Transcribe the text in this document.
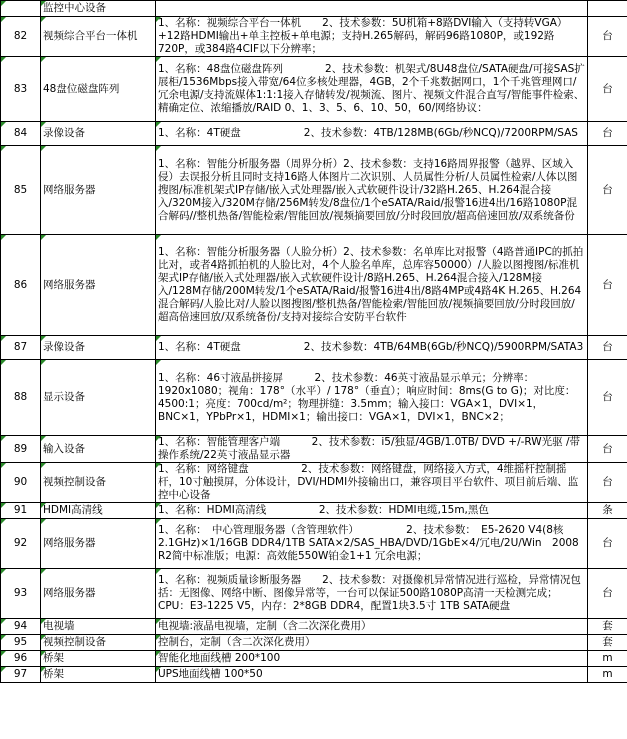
	监控中心设备		
82	视频综合平台一体机	1、名称：视频综合平台一体机　　2、技术参数：5U机箱+8路DVI输入（支持转VGA）+12路HDMI输出+单主控板+单电源；支持H.265解码，解码96路1080P，或192路720P，或384路4CIF以下分辨率；	台
83	48盘位磁盘阵列	1、名称：48盘位磁盘阵列　　　　2、技术参数：机架式/8U48盘位/SATA硬盘/可接SAS扩展柜/1536Mbps接入带宽/64位多核处理器，4GB，2个千兆数据网口，1个千兆管理网口/冗余电源/支持流媒体1:1:1接入存储转发/视频流、图片、视频文件混合直写/智能事件检索、精确定位、浓缩播放/RAID 0、1、3、5、6、10、50，60/网络协议：	台
84	录像设备	1、名称：4T硬盘　　　　　　2、技术参数：4TB/128MB(6Gb/秒NCQ)/7200RPM/SAS	台
85	网络服务器	1、名称：智能分析服务器（周界分析）2、技术参数：支持16路周界报警（越界、区域入侵）去误报分析且同时支持16路人体图片二次识别、人员属性分析/人员属性检索/人体以图搜图/标准机架式IP存储/嵌入式处理器/嵌入式软硬件设计/32路H.265、H.264混合接入/320M接入/320M存储/256M转发/8盘位/1个eSATA/Raid/报警16进4出/16路1080P混合解码//整机热备/智能检索/智能回放/视频摘要回放/分时段回放/超高倍速回放/双系统备份	台
86	网络服务器	1、名称：智能分析服务器（人脸分析）2、技术参数：名单库比对报警（4路普通IPC的抓拍比对，或者4路抓拍机的人脸比对，4个人脸名单库，总库容50000）/人脸以图搜图/标准机架式IP存储/嵌入式处理器/嵌入式软硬件设计/8路H.265、H.264混合接入/128M接入/128M存储/200M转发/1个eSATA/Raid/报警16进4出/8路4MP或4路4K H.265、H.264混合解码/人脸比对/人脸以图搜图/整机热备/智能检索/智能回放/视频摘要回放/分时段回放/超高倍速回放/双系统备份/支持对接综合安防平台软件	台
87	录像设备	1、名称：4T硬盘　　　　　　2、技术参数：4TB/64MB(6Gb/秒NCQ)/5900RPM/SATA3	台
88	显示设备	1、名称：46寸液晶拼接屏　　　2、技术参数：46英寸液晶显示单元；分辨率：1920x1080；视角：178°（水平）/ 178°（垂直）；响应时间：8ms(G to G)；对比度：4500:1；亮度：700cd/m²；物理拼缝：3.5mm；输入接口：VGA×1，DVI×1，BNC×1，YPbPr×1，HDMI×1；输出接口：VGA×1，DVI×1，BNC×2；	台
89	输入设备	1、名称：智能管理客户端　　　2、技术参数：i5/独显/4GB/1.0TB/ DVD +/-RW光驱 /带操作系统/22英寸液晶显示器	台
90	视频控制设备	1、名称：网络键盘　　　　　2、技术参数：网络键盘，网络接入方式，4维摇杆控制摇杆，10寸触摸屏，分体设计，DVI/HDMI外接输出口，兼容项目平台软件、项目前后端、监控中心设备	台
91	HDMI高清线	1、名称：HDMI高清线　　　　　2、技术参数：HDMI电缆,15m,黑色	条
92	网络服务器	1、名称：　中心管理服务器（含管理软件）　　　　　2、技术参数：　E5-2620 V4(8核2.1GHz)×1/16GB DDR4/1TB SATA×2/SAS_HBA/DVD/1GbE×4/冗电/2U/Win　2008 R2简中标准版；电源：高效能550W铂金1+1 冗余电源；	台
93	网络服务器	1、名称：视频质量诊断服务器　　2、技术参数：对摄像机异常情况进行巡检，异常情况包括：无图像、网络中断、图像异常等，一台可以保证500路1080P高清一天检测完成；CPU：E3-1225 V5，内存：2*8GB DDR4，配置1块3.5寸 1TB SATA硬盘	台
94	电视墙	电视墙:液晶电视墙，定制（含二次深化费用）	套
95	视频控制设备	控制台，定制（含二次深化费用）	套
96	桥架	智能化地面线槽 200*100	m
97	桥架	UPS地面线槽 100*50	m
